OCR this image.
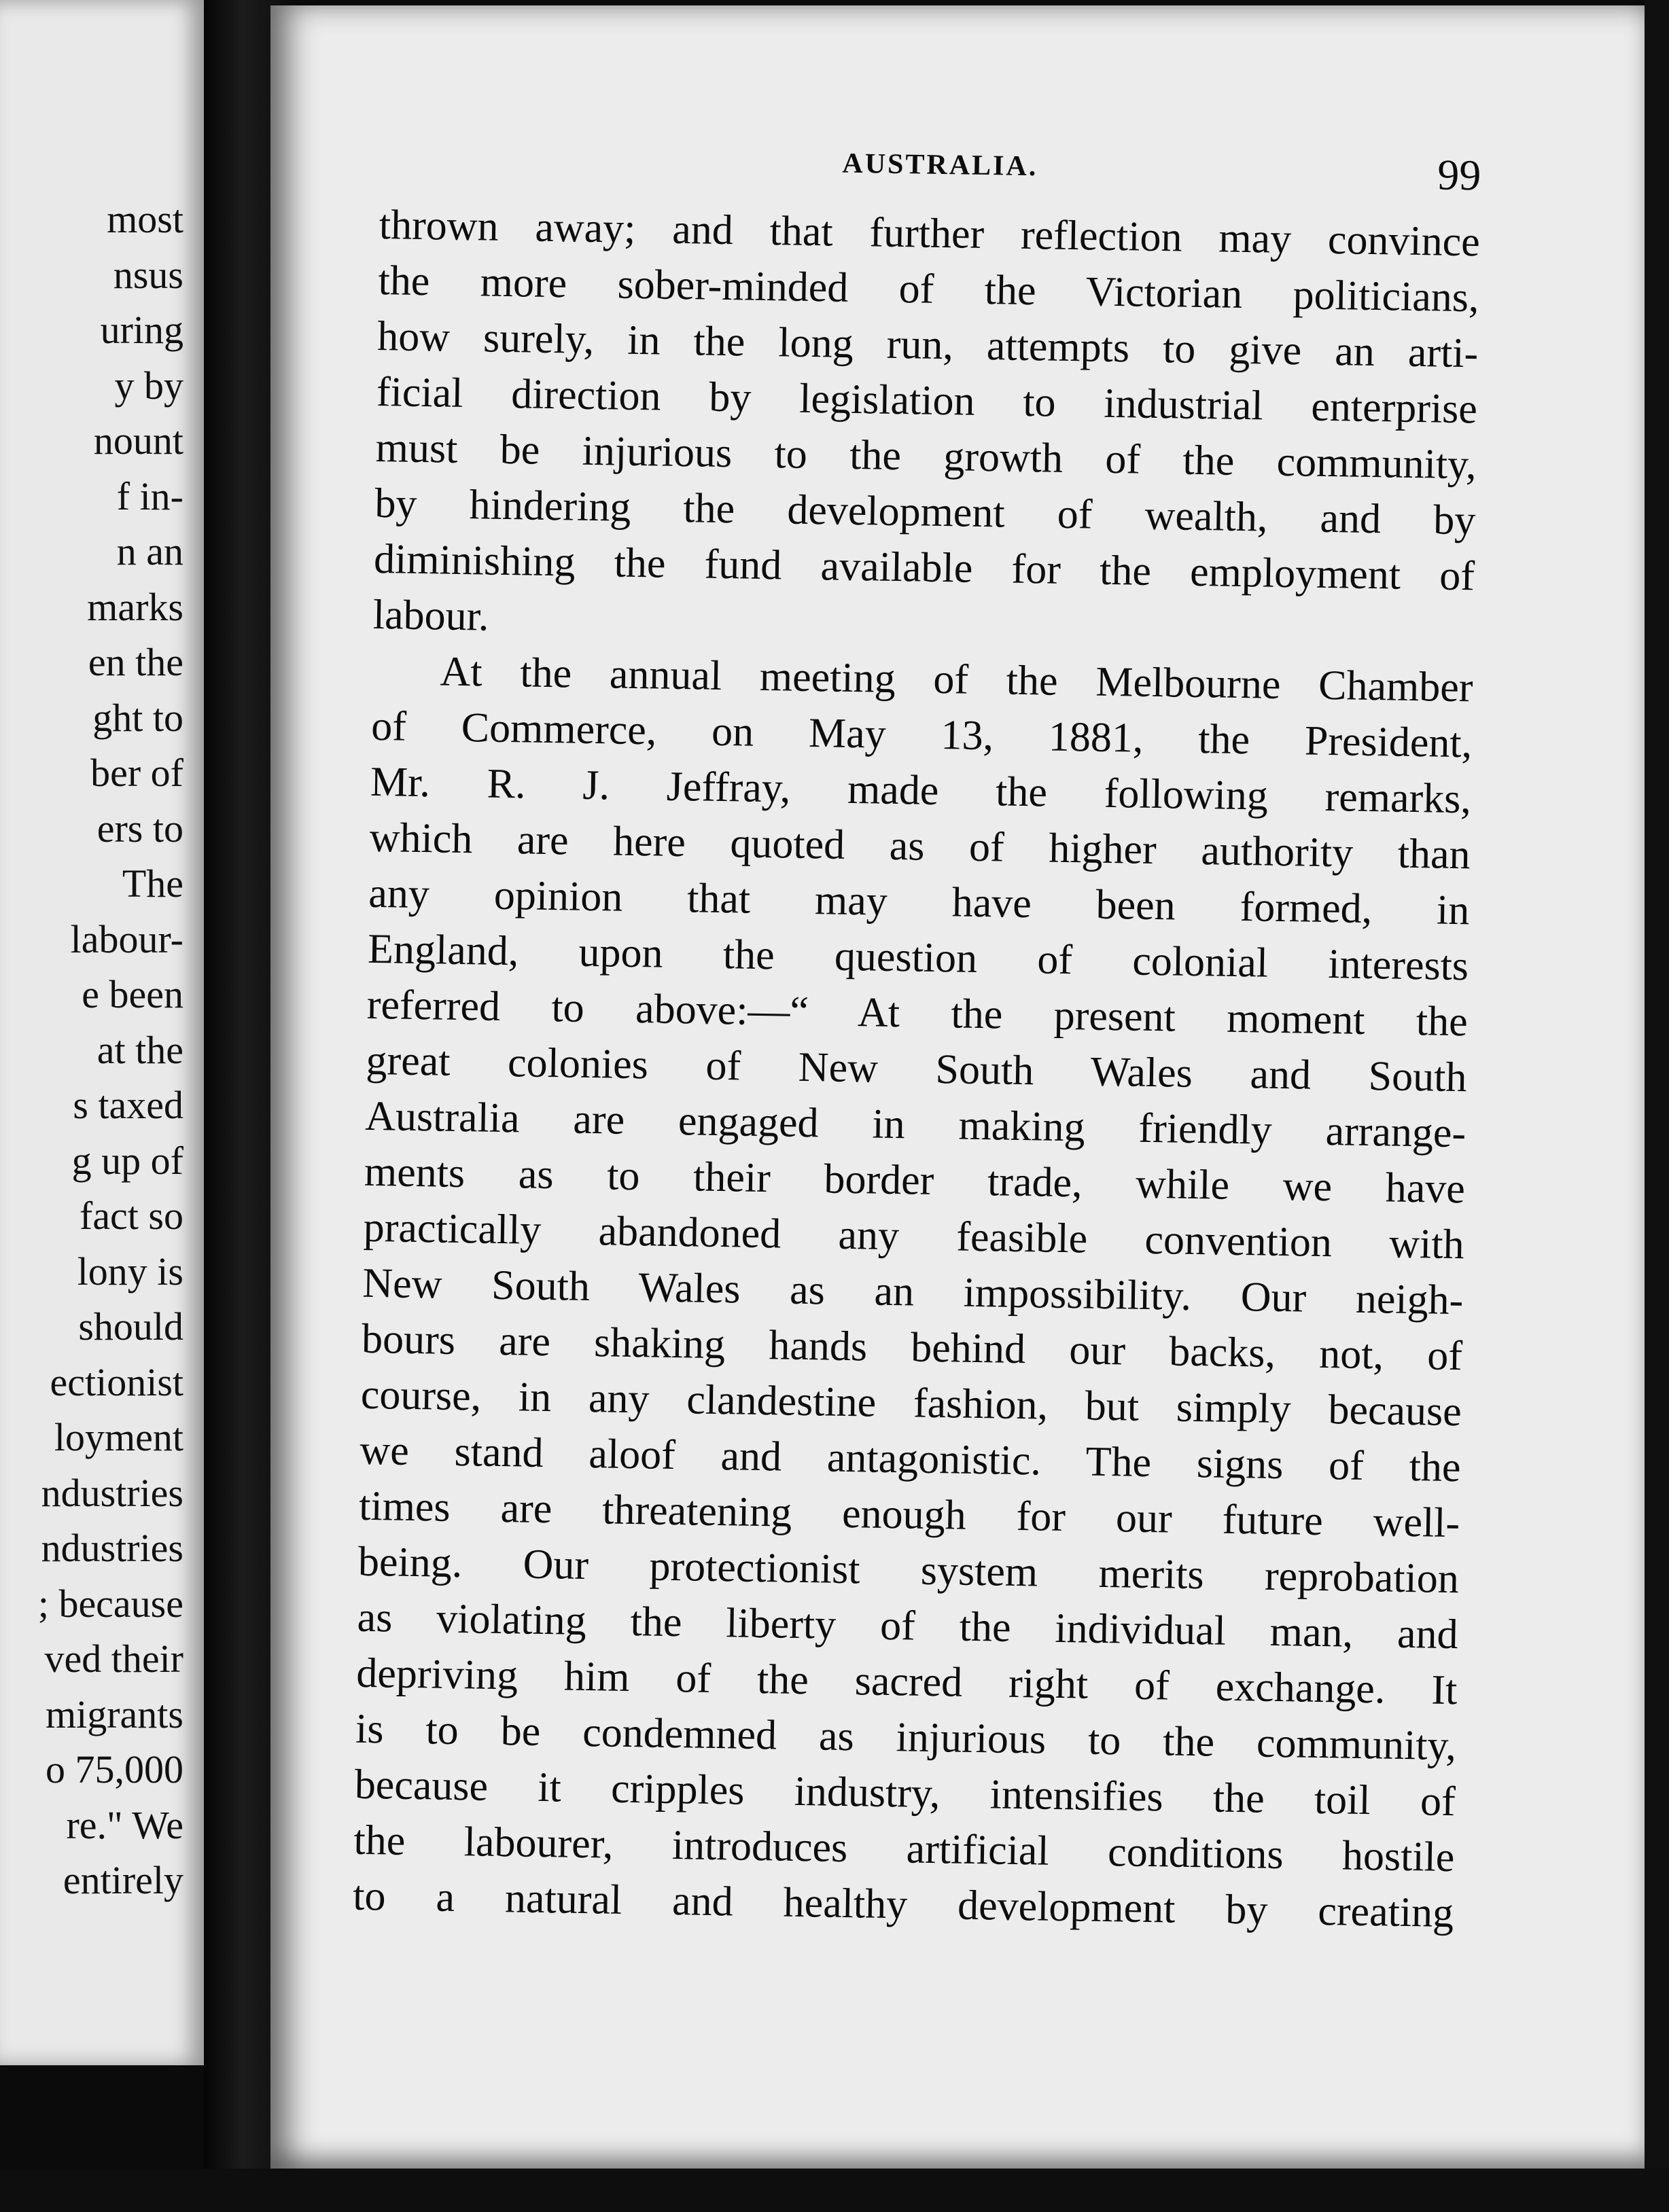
most
nsus
uring
y by
nount
f in-
n an
marks
en the
ght to
ber of
ers to
The
labour-
e been
at the
s taxed
g up of
fact so
lony is
should
ectionist
loyment
ndustries
ndustries
; because
ved their
migrants
o 75,000
re." We
entirely
AUSTRALIA.	99
thrown away; and that further reflection may convince
the more sober-minded of the Victorian politicians,
how surely, in the long run, attempts to give an arti-
ficial direction by legislation to industrial enterprise
must be injurious to the growth of the community,
by hindering the development of wealth, and by
diminishing the fund available for the employment of
labour.
At the annual meeting of the Melbourne Chamber
of Commerce, on May 13, 1881, the President,
Mr. R. J. Jeffray, made the following remarks,
which are here quoted as of higher authority than
any opinion that may have been formed, in
England, upon the question of colonial interests
referred to above:—“ At the present moment the
great colonies of New South Wales and South
Australia are engaged in making friendly arrange-
ments as to their border trade, while we have
practically abandoned any feasible convention with
New South Wales as an impossibility. Our neigh-
bours are shaking hands behind our backs, not, of
course, in any clandestine fashion, but simply because
we stand aloof and antagonistic. The signs of the
times are threatening enough for our future well-
being. Our protectionist system merits reprobation
as violating the liberty of the individual man, and
depriving him of the sacred right of exchange. It
is to be condemned as injurious to the community,
because it cripples industry, intensifies the toil of
the labourer, introduces artificial conditions hostile
to a natural and healthy development by creating
